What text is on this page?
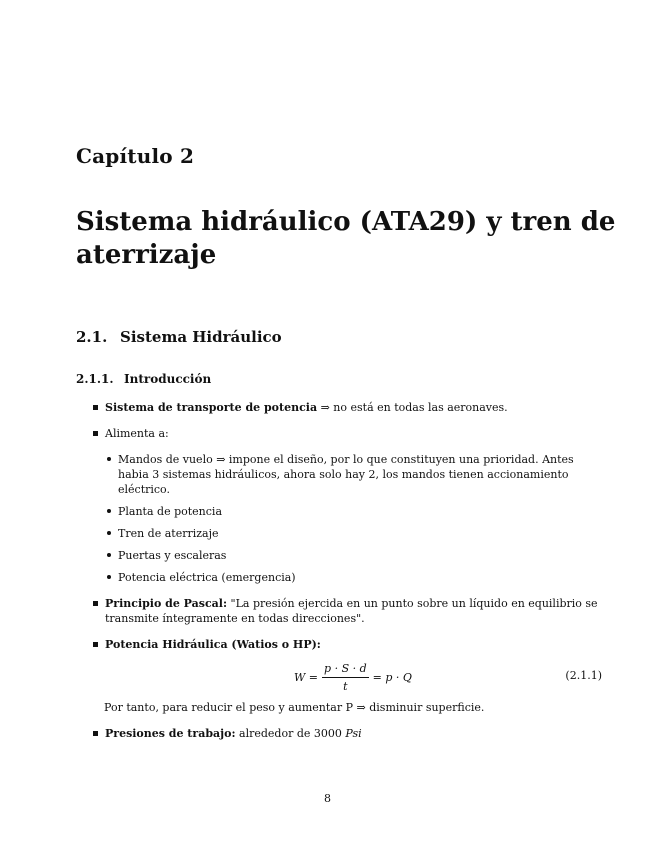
Capítulo 2
Sistema hidráulico (ATA29) y tren de aterrizaje
2.1. Sistema Hidráulico
2.1.1. Introducción
Sistema de transporte de potencia ⇒ no está en todas las aeronaves.
Alimenta a:
Mandos de vuelo ⇒ impone el diseño, por lo que constituyen una prioridad. Antes habia 3 sistemas hidráulicos, ahora solo hay 2, los mandos tienen accionamiento eléctrico.
Planta de potencia
Tren de aterrizaje
Puertas y escaleras
Potencia eléctrica (emergencia)
Principio de Pascal: "La presión ejercida en un punto sobre un líquido en equilibrio se transmite íntegramente en todas direcciones".
Potencia Hidráulica (Watios o HP):
$W = \frac{p \cdot S \cdot d}{t} = p \cdot Q$	(2.1.1)
Por tanto, para reducir el peso y aumentar P ⇒ disminuir superficie.
Presiones de trabajo: alrededor de 3000 Psi
8
